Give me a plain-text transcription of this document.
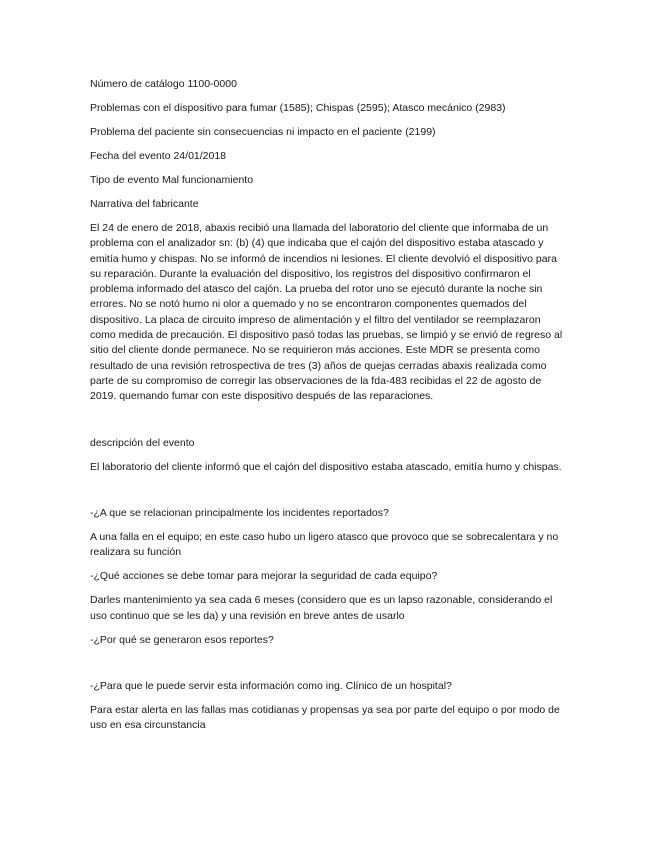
Número de catálogo 1100-0000

Problemas con el dispositivo para fumar (1585); Chispas (2595); Atasco mecánico (2983)

Problema del paciente sin consecuencias ni impacto en el paciente (2199)

Fecha del evento 24/01/2018

Tipo de evento Mal funcionamiento

Narrativa del fabricante

El 24 de enero de 2018, abaxis recibió una llamada del laboratorio del cliente que informaba de un problema con el analizador sn: (b) (4) que indicaba que el cajón del dispositivo estaba atascado y emitía humo y chispas. No se informó de incendios ni lesiones. El cliente devolvió el dispositivo para su reparación. Durante la evaluación del dispositivo, los registros del dispositivo confirmaron el problema informado del atasco del cajón. La prueba del rotor uno se ejecutó durante la noche sin errores. No se notó humo ni olor a quemado y no se encontraron componentes quemados del dispositivo. La placa de circuito impreso de alimentación y el filtro del ventilador se reemplazaron como medida de precaución. El dispositivo pasó todas las pruebas, se limpió y se envió de regreso al sitio del cliente donde permanece. No se requirieron más acciones. Este MDR se presenta como resultado de una revisión retrospectiva de tres (3) años de quejas cerradas abaxis realizada como parte de su compromiso de corregir las observaciones de la fda-483 recibidas el 22 de agosto de 2019. quemando fumar con este dispositivo después de las reparaciones.

descripción del evento

El laboratorio del cliente informó que el cajón del dispositivo estaba atascado, emitía humo y chispas.

-¿A que se relacionan principalmente los incidentes reportados?

A una falla en el equipo; en este caso hubo un ligero atasco que provoco que se sobrecalentara y no realizara su función

-¿Qué acciones se debe tomar para mejorar la seguridad de cada equipo?

Darles mantenimiento ya sea cada 6 meses (considero que es un lapso razonable, considerando el uso continuo que se les da) y una revisión en breve antes de usarlo

-¿Por qué se generaron esos reportes?

-¿Para que le puede servir esta información como ing. Clínico de un hospital?

Para estar alerta en las fallas mas cotidianas y propensas ya sea por parte del equipo o por modo de uso en esa circunstancia
